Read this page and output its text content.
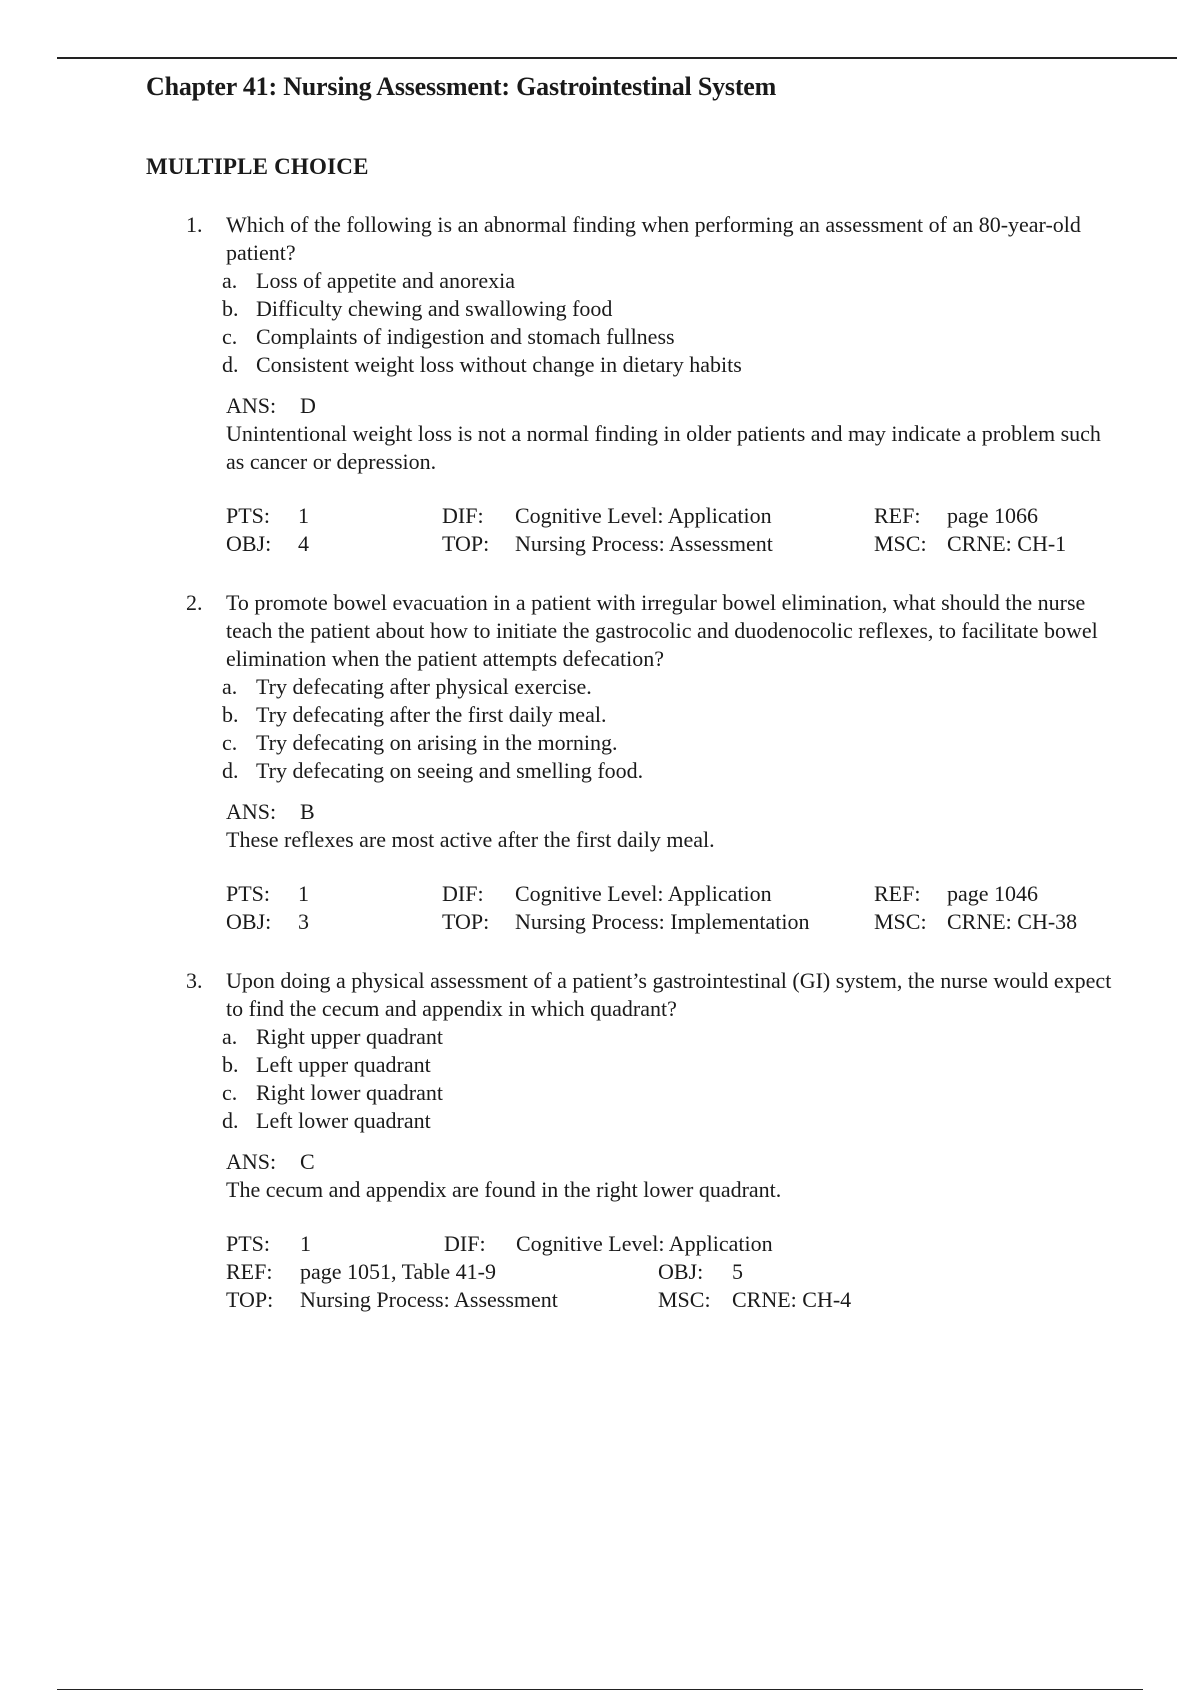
Chapter 41: Nursing Assessment: Gastrointestinal System
MULTIPLE CHOICE
1.	Which of the following is an abnormal finding when performing an assessment of an 80-year-old patient?
a. Loss of appetite and anorexia
b. Difficulty chewing and swallowing food
c. Complaints of indigestion and stomach fullness
d. Consistent weight loss without change in dietary habits
ANS: D
Unintentional weight loss is not a normal finding in older patients and may indicate a problem such as cancer or depression.
PTS:	1	DIF:	Cognitive Level: Application	REF:	page 1066
OBJ:	4	TOP:	Nursing Process: Assessment	MSC: CRNE: CH-1
2.	To promote bowel evacuation in a patient with irregular bowel elimination, what should the nurse teach the patient about how to initiate the gastrocolic and duodenocolic reflexes, to facilitate bowel elimination when the patient attempts defecation?
a. Try defecating after physical exercise.
b. Try defecating after the first daily meal.
c. Try defecating on arising in the morning.
d. Try defecating on seeing and smelling food.
ANS: B
These reflexes are most active after the first daily meal.
PTS:	1	DIF:	Cognitive Level: Application	REF:	page 1046
OBJ:	3	TOP:	Nursing Process: Implementation	MSC: CRNE: CH-38
3.	Upon doing a physical assessment of a patient’s gastrointestinal (GI) system, the nurse would expect to find the cecum and appendix in which quadrant?
a. Right upper quadrant
b. Left upper quadrant
c. Right lower quadrant
d. Left lower quadrant
ANS: C
The cecum and appendix are found in the right lower quadrant.
PTS:	1	DIF:	Cognitive Level: Application
REF:	page 1051, Table 41-9	OBJ:	5
TOP:	Nursing Process: Assessment	MSC: CRNE: CH-4
